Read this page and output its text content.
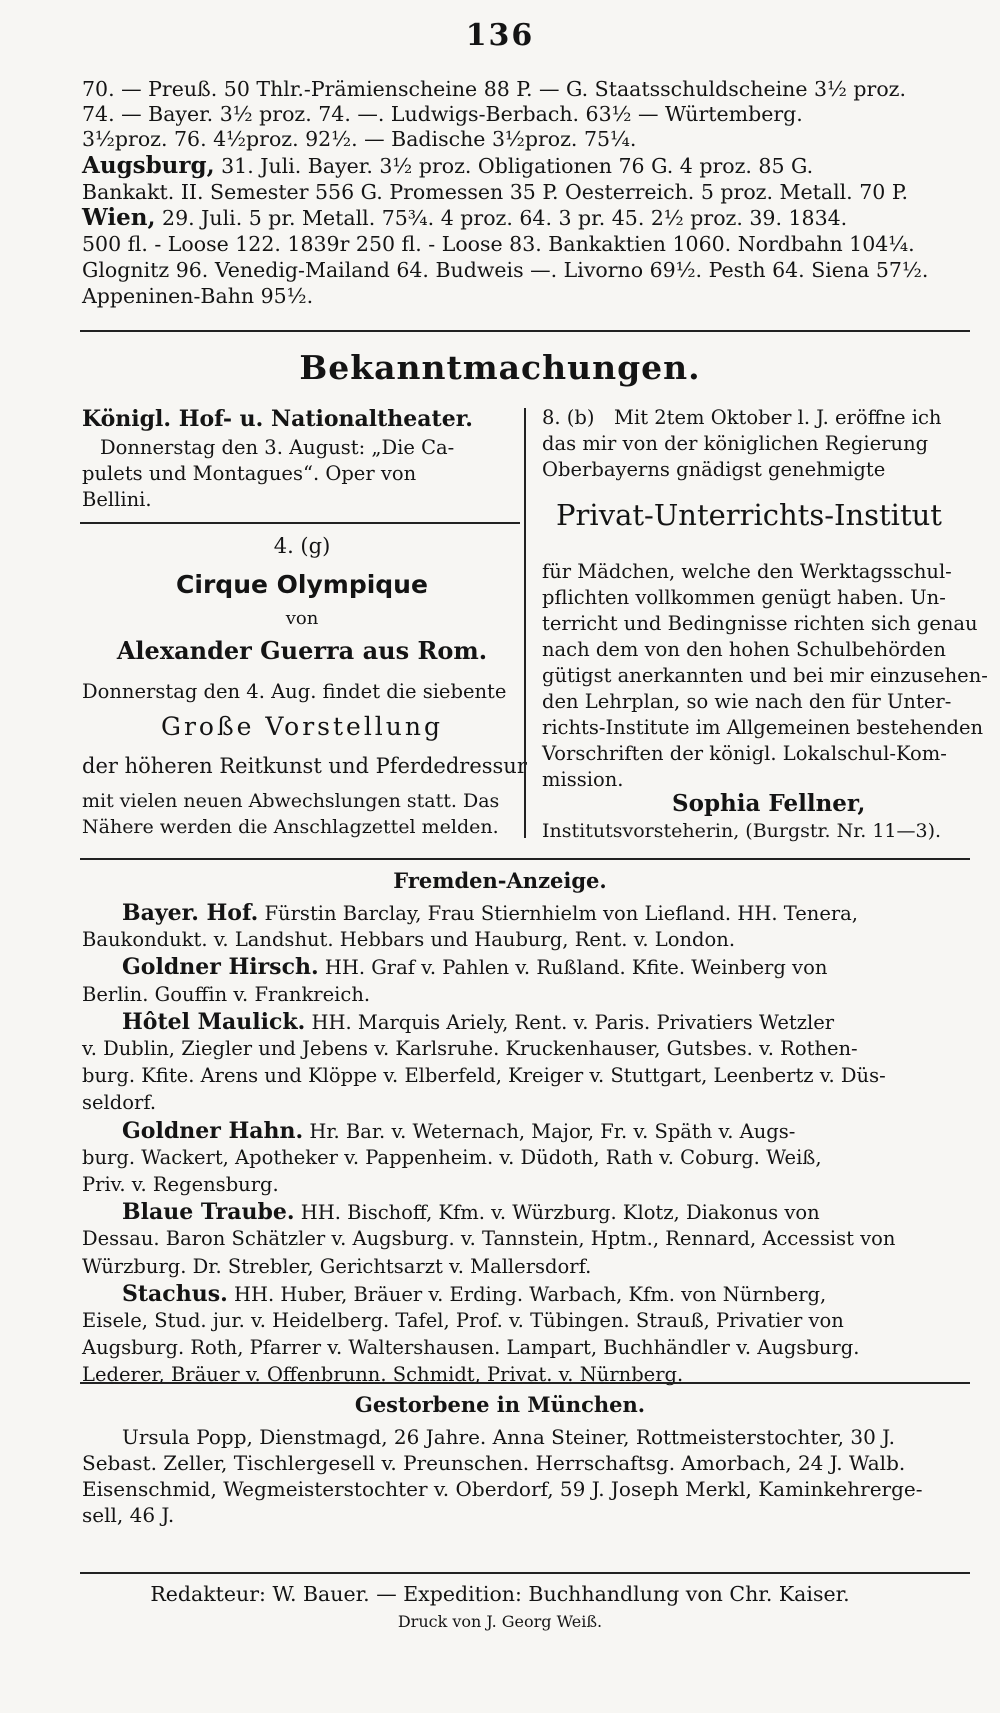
136
70. — Preuß. 50 Thlr.-Prämienscheine 88 P. — G. Staatsschuldscheine 3½ proz.
74. — Bayer. 3½ proz. 74. —. Ludwigs-Berbach. 63½ — Würtemberg.
3½proz. 76. 4½proz. 92½. — Badische 3½proz. 75¼.
Augsburg, 31. Juli. Bayer. 3½ proz. Obligationen 76 G. 4 proz. 85 G.
Bankakt. II. Semester 556 G. Promessen 35 P. Oesterreich. 5 proz. Metall. 70 P.
Wien, 29. Juli. 5 pr. Metall. 75¾. 4 proz. 64. 3 pr. 45. 2½ proz. 39. 1834.
500 fl. - Loose 122. 1839r 250 fl. - Loose 83. Bankaktien 1060. Nordbahn 104¼.
Glognitz 96. Venedig-Mailand 64. Budweis —. Livorno 69½. Pesth 64. Siena 57½.
Appeninen-Bahn 95½.
Bekanntmachungen.
Königl. Hof- u. Nationaltheater.
Donnerstag den 3. August: „Die Ca-
pulets und Montagues“. Oper von
Bellini.
4. (g)
Cirque Olympique
von
Alexander Guerra aus Rom.
Donnerstag den 4. Aug. findet die siebente
Große Vorstellung
der höheren Reitkunst und Pferdedressur
mit vielen neuen Abwechslungen statt. Das
Nähere werden die Anschlagzettel melden.
8. (b) Mit 2tem Oktober l. J. eröffne ich
das mir von der königlichen Regierung
Oberbayerns gnädigst genehmigte
Privat-Unterrichts-Institut
für Mädchen, welche den Werktagsschul-
pflichten vollkommen genügt haben. Un-
terricht und Bedingnisse richten sich genau
nach dem von den hohen Schulbehörden
gütigst anerkannten und bei mir einzusehen-
den Lehrplan, so wie nach den für Unter-
richts-Institute im Allgemeinen bestehenden
Vorschriften der königl. Lokalschul-Kom-
mission.
Sophia Fellner,
Institutsvorsteherin, (Burgstr. Nr. 11—3).
Fremden-Anzeige.
Bayer. Hof. Fürstin Barclay, Frau Stiernhielm von Liefland. HH. Tenera,
Baukondukt. v. Landshut. Hebbars und Hauburg, Rent. v. London.
Goldner Hirsch. HH. Graf v. Pahlen v. Rußland. Kfite. Weinberg von
Berlin. Gouffin v. Frankreich.
Hôtel Maulick. HH. Marquis Ariely, Rent. v. Paris. Privatiers Wetzler
v. Dublin, Ziegler und Jebens v. Karlsruhe. Kruckenhauser, Gutsbes. v. Rothen-
burg. Kfite. Arens und Klöppe v. Elberfeld, Kreiger v. Stuttgart, Leenbertz v. Düs-
seldorf.
Goldner Hahn. Hr. Bar. v. Weternach, Major, Fr. v. Späth v. Augs-
burg. Wackert, Apotheker v. Pappenheim. v. Düdoth, Rath v. Coburg. Weiß,
Priv. v. Regensburg.
Blaue Traube. HH. Bischoff, Kfm. v. Würzburg. Klotz, Diakonus von
Dessau. Baron Schätzler v. Augsburg. v. Tannstein, Hptm., Rennard, Accessist von
Würzburg. Dr. Strebler, Gerichtsarzt v. Mallersdorf.
Stachus. HH. Huber, Bräuer v. Erding. Warbach, Kfm. von Nürnberg,
Eisele, Stud. jur. v. Heidelberg. Tafel, Prof. v. Tübingen. Strauß, Privatier von
Augsburg. Roth, Pfarrer v. Waltershausen. Lampart, Buchhändler v. Augsburg.
Lederer, Bräuer v. Offenbrunn. Schmidt, Privat. v. Nürnberg.
Gestorbene in München.
Ursula Popp, Dienstmagd, 26 Jahre. Anna Steiner, Rottmeisterstochter, 30 J.
Sebast. Zeller, Tischlergesell v. Preunschen. Herrschaftsg. Amorbach, 24 J. Walb.
Eisenschmid, Wegmeisterstochter v. Oberdorf, 59 J. Joseph Merkl, Kaminkehrerge-
sell, 46 J.
Redakteur: W. Bauer. — Expedition: Buchhandlung von Chr. Kaiser.
Druck von J. Georg Weiß.
